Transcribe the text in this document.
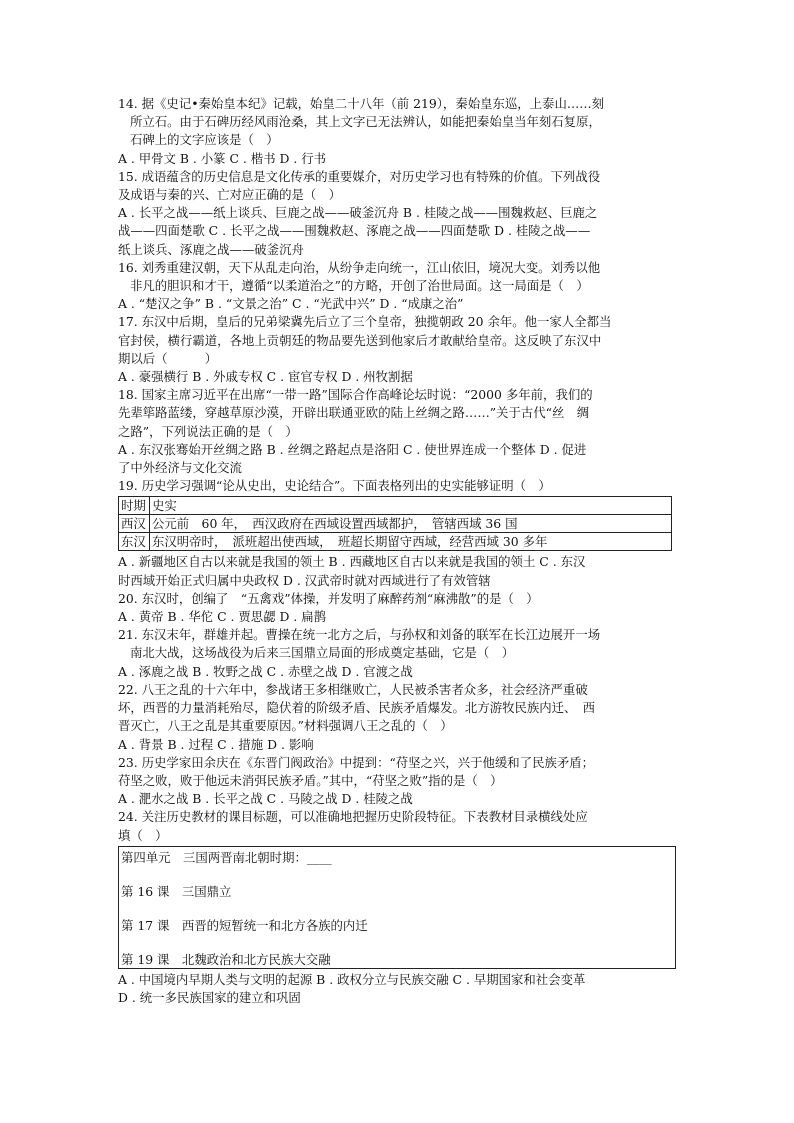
14. 据《史记•秦始皇本纪》记载，始皇二十八年（前 219），秦始皇东巡，上泰山……刻

所立石。由于石碑历经风雨沧桑，其上文字已无法辨认，如能把秦始皇当年刻石复原，

石碑上的文字应该是（　）

A . 甲骨文 B . 小篆 C . 楷书 D . 行书

15. 成语蕴含的历史信息是文化传承的重要媒介，对历史学习也有特殊的价值。下列战役

及成语与秦的兴、亡对应正确的是（　）

A . 长平之战——纸上谈兵、巨鹿之战——破釜沉舟 B . 桂陵之战——围魏救赵、巨鹿之

战——四面楚歌 C . 长平之战——围魏救赵、涿鹿之战——四面楚歌 D . 桂陵之战——

纸上谈兵、涿鹿之战——破釜沉舟

16. 刘秀重建汉朝，天下从乱走向治，从纷争走向统一，江山依旧，境况大变。刘秀以他

非凡的胆识和才干，遵循“以柔道治之”的方略，开创了治世局面。这一局面是（　）

A . “楚汉之争” B . “文景之治” C . “光武中兴” D . “成康之治”

17. 东汉中后期，皇后的兄弟梁冀先后立了三个皇帝，独揽朝政 20 余年。他一家人全都当

官封侯，横行霸道，各地上贡朝廷的物品要先送到他家后才敢献给皇帝。这反映了东汉中

期以后（　　　）

A . 豪强横行 B . 外戚专权 C . 宦官专权 D . 州牧割据

18. 国家主席习近平在出席“一带一路”国际合作高峰论坛时说：“2000 多年前，我们的

先辈筚路蓝缕，穿越草原沙漠，开辟出联通亚欧的陆上丝绸之路……”关于古代“丝　绸

之路”，下列说法正确的是（　）

A . 东汉张骞始开丝绸之路 B . 丝绸之路起点是洛阳 C . 使世界连成一个整体 D . 促进

了中外经济与文化交流

19. 历史学习强调“论从史出，史论结合”。下面表格列出的史实能够证明（　）

时期	史实
西汉	公元前　60 年，　西汉政府在西域设置西域都护，　管辖西域 36 国
东汉	东汉明帝时，　派班超出使西域，　班超长期留守西域，经营西域 30 多年

A . 新疆地区自古以来就是我国的领土 B . 西藏地区自古以来就是我国的领土 C . 东汉

时西域开始正式归属中央政权 D . 汉武帝时就对西域进行了有效管辖

20. 东汉时，创编了　“五禽戏”体操，并发明了麻醉药剂“麻沸散”的是（　）

A . 黄帝 B . 华佗 C . 贾思勰 D . 扁鹊

21. 东汉末年，群雄并起。曹操在统一北方之后，与孙权和刘备的联军在长江边展开一场

南北大战，这场战役为后来三国鼎立局面的形成奠定基础，它是（　）

A . 涿鹿之战 B . 牧野之战 C . 赤壁之战 D . 官渡之战

22. 八王之乱的十六年中，参战诸王多相继败亡，人民被杀害者众多，社会经济严重破

坏，西晋的力量消耗殆尽，隐伏着的阶级矛盾、民族矛盾爆发。北方游牧民族内迁、　西

晋灭亡，八王之乱是其重要原因。”材料强调八王之乱的（　）

A . 背景 B . 过程 C . 措施 D . 影响

23. 历史学家田余庆在《东晋门阀政治》中提到：“苻坚之兴，兴于他缓和了民族矛盾；

苻坚之败，败于他远未消弭民族矛盾。”其中，“苻坚之败”指的是（　）

A . 淝水之战 B . 长平之战 C . 马陵之战 D . 桂陵之战

24. 关注历史教材的课目标题，可以准确地把握历史阶段特征。下表教材目录横线处应

填（　）

第四单元　三国两晋南北朝时期：____
第 16 课　三国鼎立
第 17 课　西晋的短暂统一和北方各族的内迁
第 19 课　北魏政治和北方民族大交融

A . 中国境内早期人类与文明的起源 B . 政权分立与民族交融 C . 早期国家和社会变革

D . 统一多民族国家的建立和巩固
